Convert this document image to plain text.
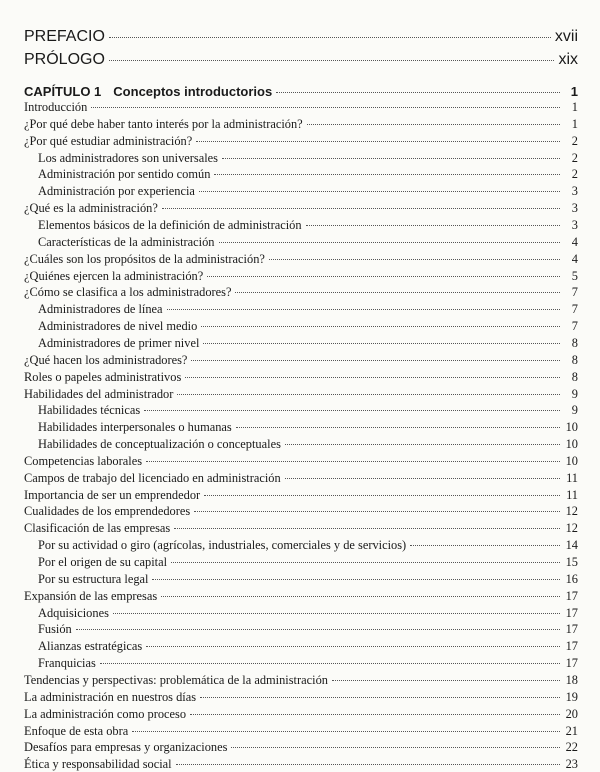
PREFACIO	xvii
PRÓLOGO	xix
CAPÍTULO 1 Conceptos introductorios	1
Introducción	1
¿Por qué debe haber tanto interés por la administración?	1
¿Por qué estudiar administración?	2
Los administradores son universales	2
Administración por sentido común	2
Administración por experiencia	3
¿Qué es la administración?	3
Elementos básicos de la definición de administración	3
Características de la administración	4
¿Cuáles son los propósitos de la administración?	4
¿Quiénes ejercen la administración?	5
¿Cómo se clasifica a los administradores?	7
Administradores de línea	7
Administradores de nivel medio	7
Administradores de primer nivel	8
¿Qué hacen los administradores?	8
Roles o papeles administrativos	8
Habilidades del administrador	9
Habilidades técnicas	9
Habilidades interpersonales o humanas	10
Habilidades de conceptualización o conceptuales	10
Competencias laborales	10
Campos de trabajo del licenciado en administración	11
Importancia de ser un emprendedor	11
Cualidades de los emprendedores	12
Clasificación de las empresas	12
Por su actividad o giro (agrícolas, industriales, comerciales y de servicios)	14
Por el origen de su capital	15
Por su estructura legal	16
Expansión de las empresas	17
Adquisiciones	17
Fusión	17
Alianzas estratégicas	17
Franquicias	17
Tendencias y perspectivas: problemática de la administración	18
La administración en nuestros días	19
La administración como proceso	20
Enfoque de esta obra	21
Desafíos para empresas y organizaciones	22
Ética y responsabilidad social	23
